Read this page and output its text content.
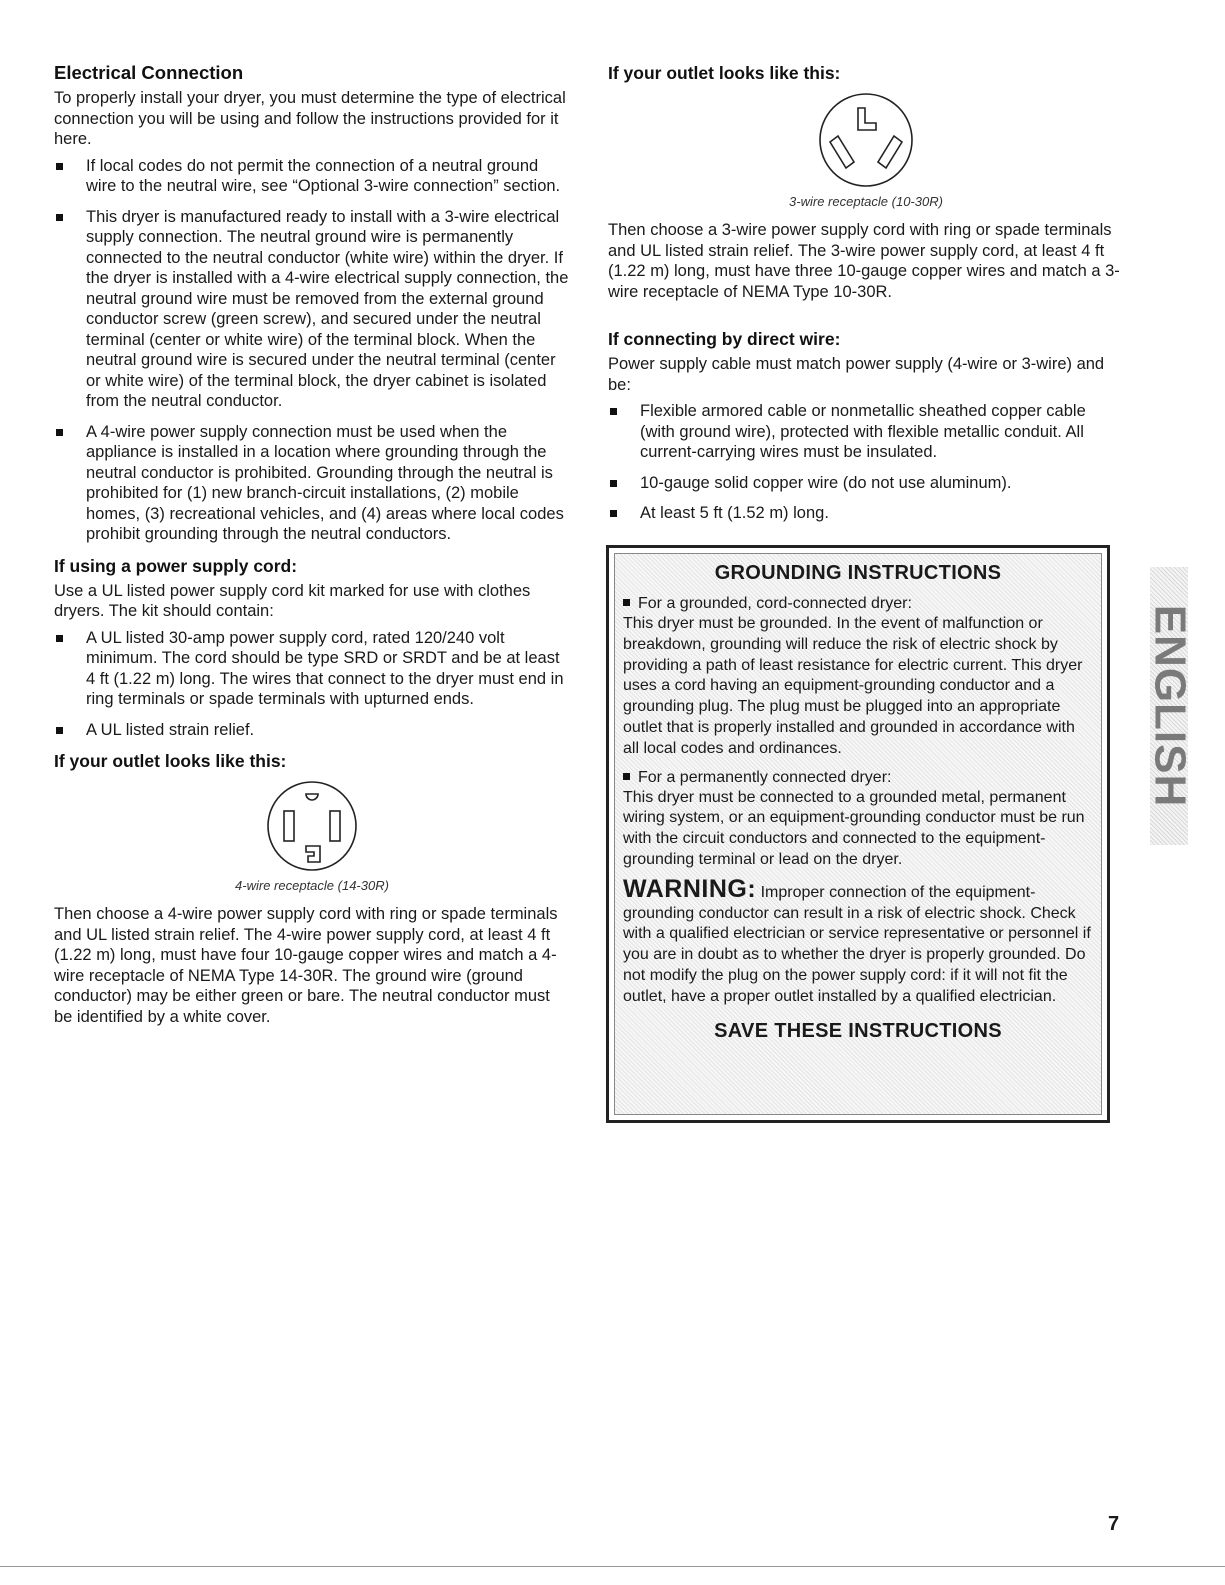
Electrical Connection

To properly install your dryer, you must determine the type of electrical connection you will be using and follow the instructions provided for it here.

If local codes do not permit the connection of a neutral ground wire to the neutral wire, see “Optional 3-wire connection” section.
This dryer is manufactured ready to install with a 3-wire electrical supply connection. The neutral ground wire is permanently connected to the neutral conductor (white wire) within the dryer. If the dryer is installed with a 4-wire electrical supply connection, the neutral ground wire must be removed from the external ground conductor screw (green screw), and secured under the neutral terminal (center or white wire) of the terminal block. When the neutral ground wire is secured under the neutral terminal (center or white wire) of the terminal block, the dryer cabinet is isolated from the neutral conductor.
A 4-wire power supply connection must be used when the appliance is installed in a location where grounding through the neutral conductor is prohibited. Grounding through the neutral is prohibited for (1) new branch-circuit installations, (2) mobile homes, (3) recreational vehicles, and (4) areas where local codes prohibit grounding through the neutral conductors.
If using a power supply cord:

Use a UL listed power supply cord kit marked for use with clothes dryers. The kit should contain:

A UL listed 30-amp power supply cord, rated 120/240 volt minimum. The cord should be type SRD or SRDT and be at least 4 ft (1.22 m) long. The wires that connect to the dryer must end in ring terminals or spade terminals with upturned ends.
A UL listed strain relief.
If your outlet looks like this:
4-wire receptacle (14-30R)

Then choose a 4-wire power supply cord with ring or spade terminals and UL listed strain relief. The 4-wire power supply cord, at least 4 ft (1.22 m) long, must have four 10-gauge copper wires and match a 4-wire receptacle of NEMA Type 14-30R. The ground wire (ground conductor) may be either green or bare. The neutral conductor must be identified by a white cover.

If your outlet looks like this:
3-wire receptacle (10-30R)

Then choose a 3-wire power supply cord with ring or spade terminals and UL listed strain relief. The 3-wire power supply cord, at least 4 ft (1.22 m) long, must have three 10-gauge copper wires and match a 3-wire receptacle of NEMA Type 10-30R.

If connecting by direct wire:

Power supply cable must match power supply (4-wire or 3-wire) and be:

Flexible armored cable or nonmetallic sheathed copper cable (with ground wire), protected with flexible metallic conduit. All current-carrying wires must be insulated.
10-gauge solid copper wire (do not use aluminum).
At least 5 ft (1.52 m) long.
GROUNDING INSTRUCTIONS

For a grounded, cord-connected dryer:

This dryer must be grounded. In the event of malfunction or breakdown, grounding will reduce the risk of electric shock by providing a path of least resistance for electric current. This dryer uses a cord having an equipment-grounding conductor and a grounding plug. The plug must be plugged into an appropriate outlet that is properly installed and grounded in accordance with all local codes and ordinances.

For a permanently connected dryer:

This dryer must be connected to a grounded metal, permanent wiring system, or an equipment-grounding conductor must be run with the circuit conductors and connected to the equipment-grounding terminal or lead on the dryer.

WARNING: Improper connection of the equipment-grounding conductor can result in a risk of electric shock. Check with a qualified electrician or service representative or personnel if you are in doubt as to whether the dryer is properly grounded. Do not modify the plug on the power supply cord: if it will not fit the outlet, have a proper outlet installed by a qualified electrician.

SAVE THESE INSTRUCTIONS
ENGLISH
7
